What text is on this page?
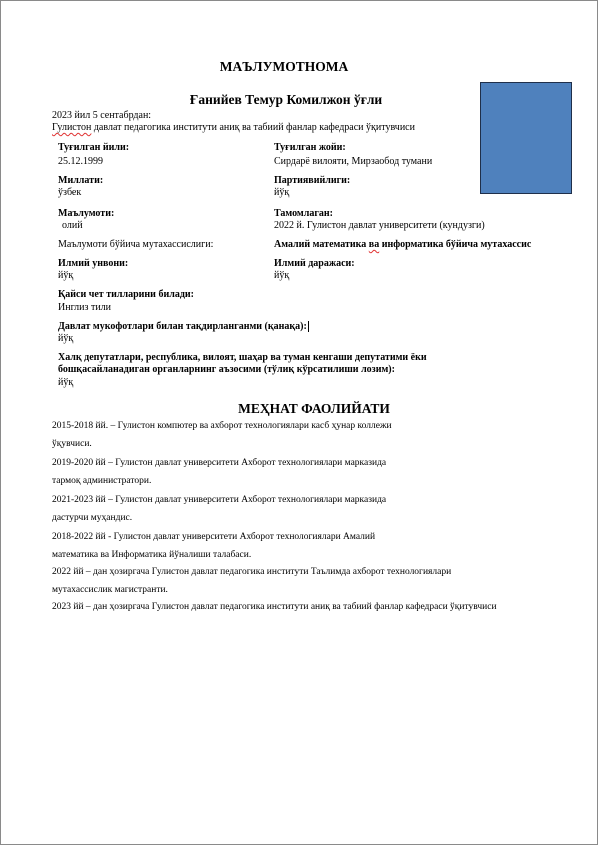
МАЪЛУМОТНОМА
Ғанийев Темур Комилжон ўғли
2023 йил 5 сентабрдан:
Гулистон давлат педагогика институти аниқ ва табиий фанлар кафедраси ўқитувчиси
Туғилган йили:
25.12.1999
Туғилган жойи:
Сирдарё вилояти, Мирзаобод тумани
Миллати:
ўзбек
Партиявийлиги:
йўқ
Маълумоти:
олий
Тамомлаган:
2022 й. Гулистон давлат университети (кундузги)
Маълумоти бўйича мутахассислиги:	Амалий математика ва информатика бўйича мутахассис
Илмий унвони:
йўқ
Илмий даражаси:
йўқ
Қайси чет тилларини билади:
Инглиз тили
Давлат мукофотлари билан тақдирланганми (қанақа):
йўқ
Халқ депутатлари, республика, вилоят, шаҳар ва туман кенгаши депутатими ёки
бошқасайланадиган органларнинг аъзосими (тўлиқ кўрсатилиши лозим):
йўқ
МЕҲНАТ ФАОЛИЙАТИ
2015-2018 йй. – Гулистон компютер ва ахборот технологиялари касб ҳунар коллежи
ўқувчиси.
2019-2020 йй – Гулистон давлат университети Ахборот технологиялари марказида
тармоқ администратори.
2021-2023 йй – Гулистон давлат университети Ахборот технологиялари марказида
дастурчи муҳандис.
2018-2022 йй - Гулистон давлат университети Ахборот технологиялари Амалий
математика ва Информатика йўналиши талабаси.
2022 йй – дан ҳозиргача Гулистон давлат педагогика институти Таълимда ахборот технологиялари
мутахассислик магистранти.
2023 йй – дан ҳозиргача Гулистон давлат педагогика институти аниқ ва табиий фанлар кафедраси ўқитувчиси
